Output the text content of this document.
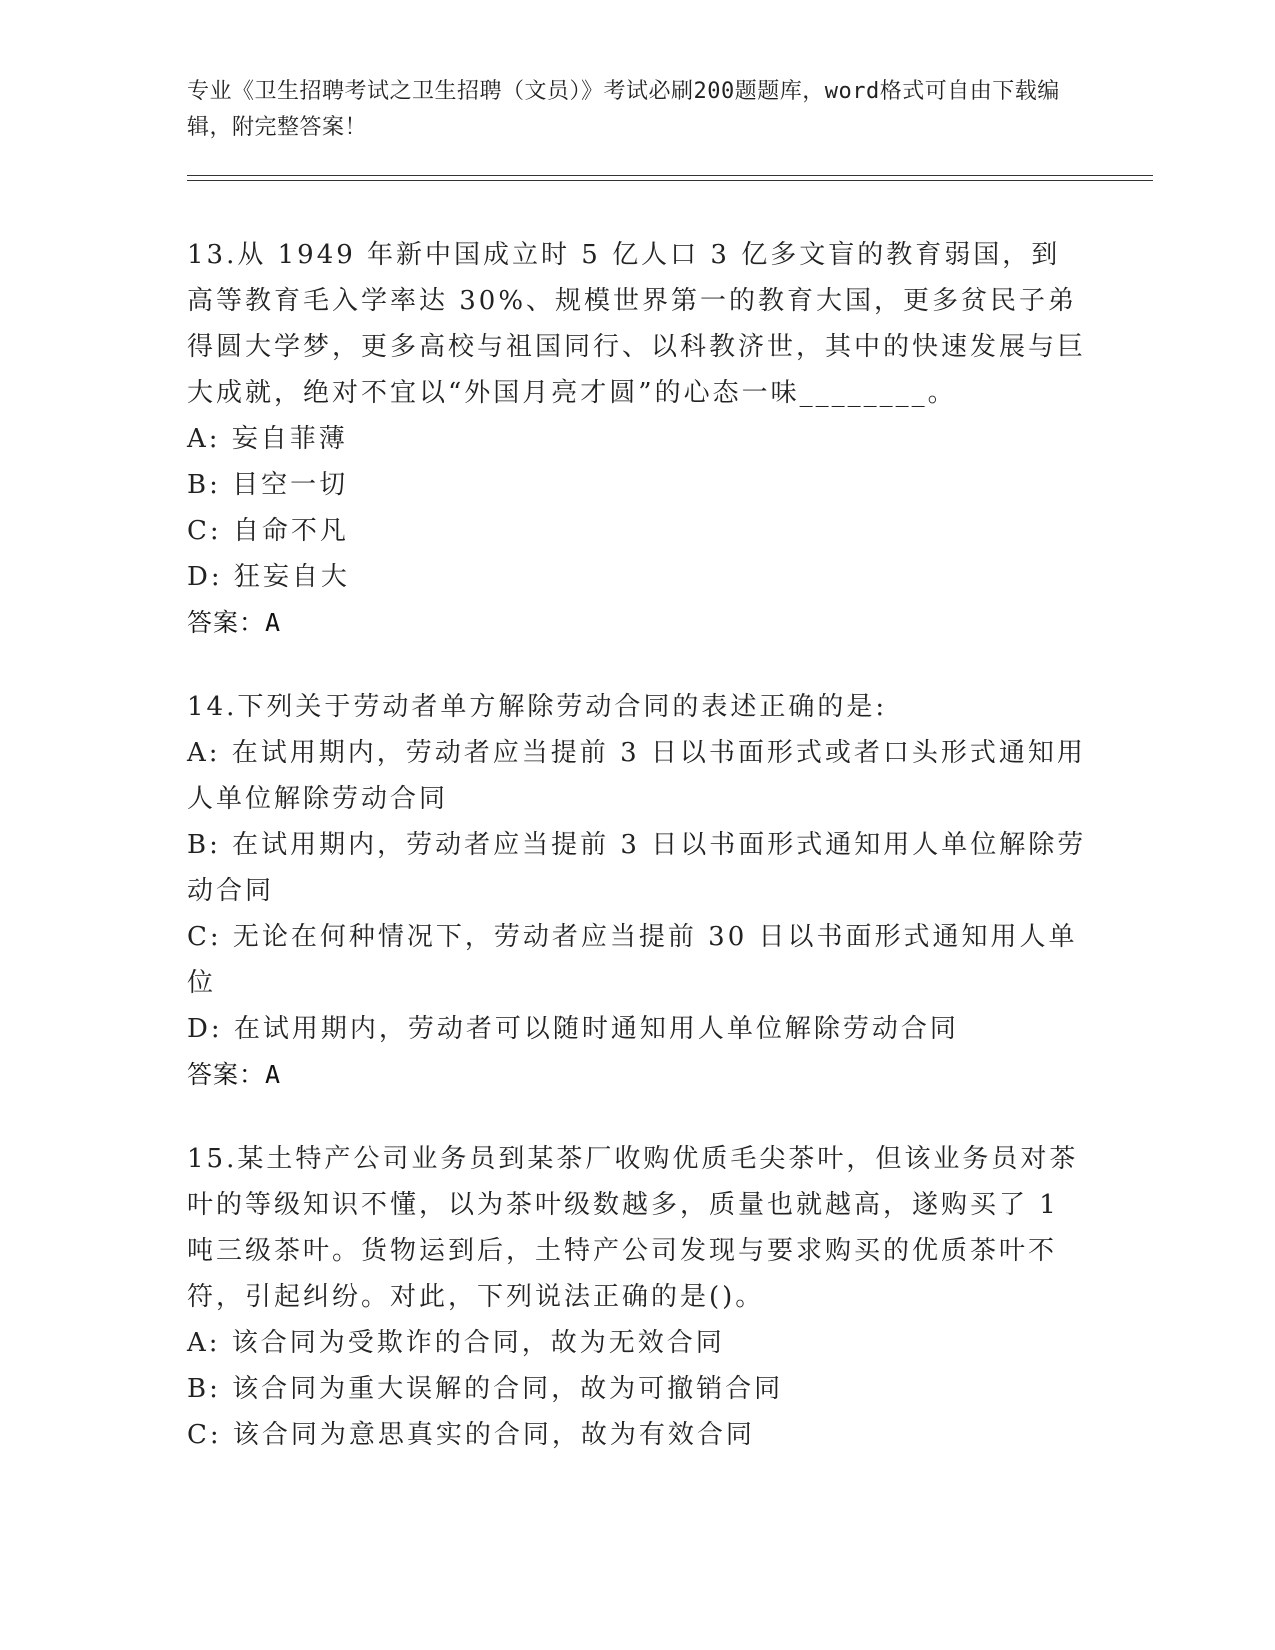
专业《卫生招聘考试之卫生招聘（文员）》考试必刷200题题库，word格式可自由下载编辑，附完整答案！
13.从 1949 年新中国成立时 5 亿人口 3 亿多文盲的教育弱国，到高等教育毛入学率达 30%、规模世界第一的教育大国，更多贫民子弟得圆大学梦，更多高校与祖国同行、以科教济世，其中的快速发展与巨大成就，绝对不宜以“外国月亮才圆”的心态一味________。
A: 妄自菲薄
B: 目空一切
C: 自命不凡
D: 狂妄自大
答案：A
14.下列关于劳动者单方解除劳动合同的表述正确的是:
A: 在试用期内，劳动者应当提前 3 日以书面形式或者口头形式通知用人单位解除劳动合同
B: 在试用期内，劳动者应当提前 3 日以书面形式通知用人单位解除劳动合同
C: 无论在何种情况下，劳动者应当提前 30 日以书面形式通知用人单位
D: 在试用期内，劳动者可以随时通知用人单位解除劳动合同
答案：A
15.某土特产公司业务员到某茶厂收购优质毛尖茶叶，但该业务员对茶叶的等级知识不懂，以为茶叶级数越多，质量也就越高，遂购买了 1 吨三级茶叶。货物运到后，土特产公司发现与要求购买的优质茶叶不符，引起纠纷。对此，下列说法正确的是()。
A: 该合同为受欺诈的合同，故为无效合同
B: 该合同为重大误解的合同，故为可撤销合同
C: 该合同为意思真实的合同，故为有效合同
